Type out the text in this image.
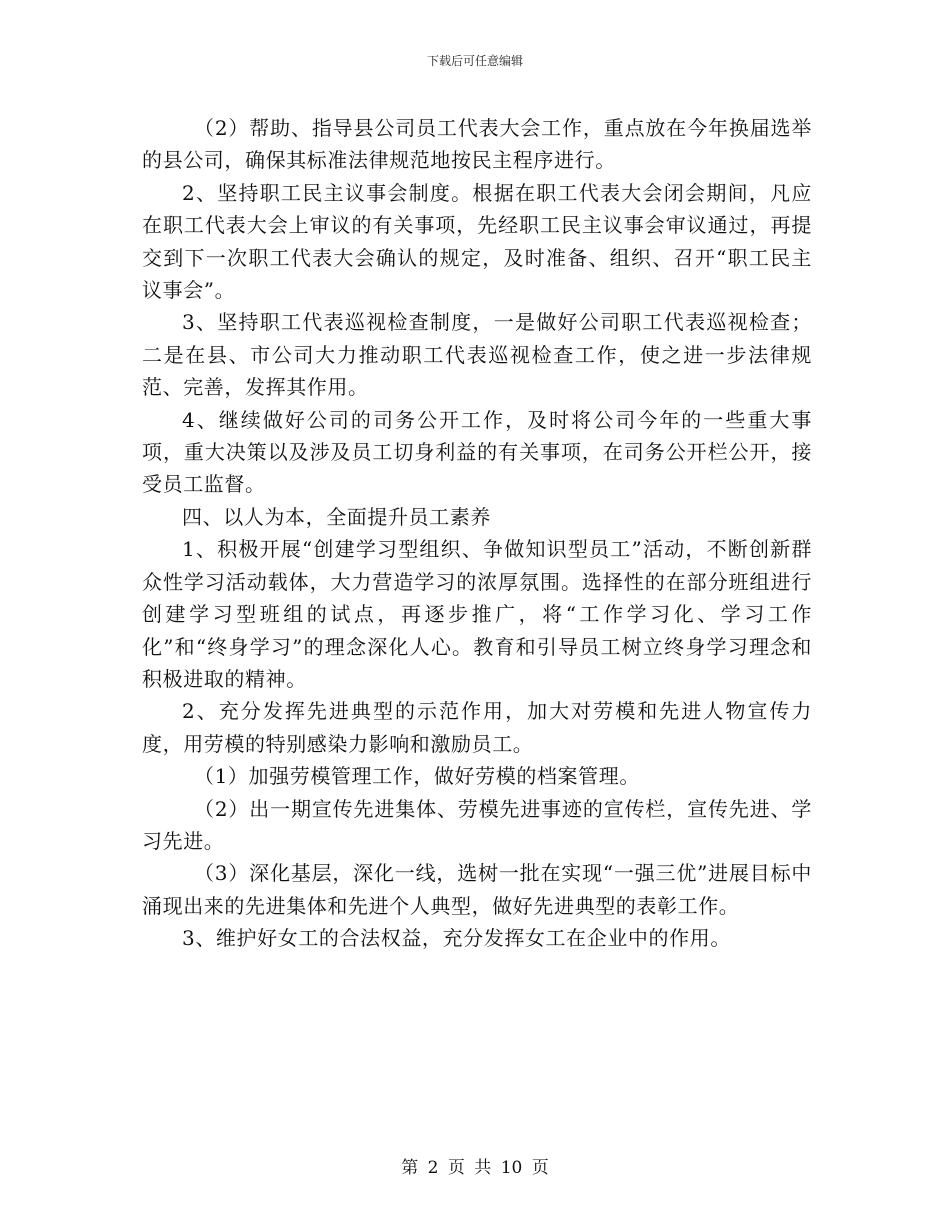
下载后可任意编辑

（2）帮助、指导县公司员工代表大会工作，重点放在今年换届选举的县公司，确保其标准法律规范地按民主程序进行。

2、坚持职工民主议事会制度。根据在职工代表大会闭会期间，凡应在职工代表大会上审议的有关事项，先经职工民主议事会审议通过，再提交到下一次职工代表大会确认的规定，及时准备、组织、召开“职工民主议事会”。

3、坚持职工代表巡视检查制度，一是做好公司职工代表巡视检查；二是在县、市公司大力推动职工代表巡视检查工作，使之进一步法律规范、完善，发挥其作用。

4、继续做好公司的司务公开工作，及时将公司今年的一些重大事项，重大决策以及涉及员工切身利益的有关事项，在司务公开栏公开，接受员工监督。

四、以人为本，全面提升员工素养

1、积极开展“创建学习型组织、争做知识型员工”活动，不断创新群众性学习活动载体，大力营造学习的浓厚氛围。选择性的在部分班组进行创建学习型班组的试点，再逐步推广，将“工作学习化、学习工作化”和“终身学习”的理念深化人心。教育和引导员工树立终身学习理念和积极进取的精神。

2、充分发挥先进典型的示范作用，加大对劳模和先进人物宣传力度，用劳模的特别感染力影响和激励员工。

（1）加强劳模管理工作，做好劳模的档案管理。

（2）出一期宣传先进集体、劳模先进事迹的宣传栏，宣传先进、学习先进。

（3）深化基层，深化一线，选树一批在实现“一强三优”进展目标中涌现出来的先进集体和先进个人典型，做好先进典型的表彰工作。

3、维护好女工的合法权益，充分发挥女工在企业中的作用。

第 2 页 共 10 页
